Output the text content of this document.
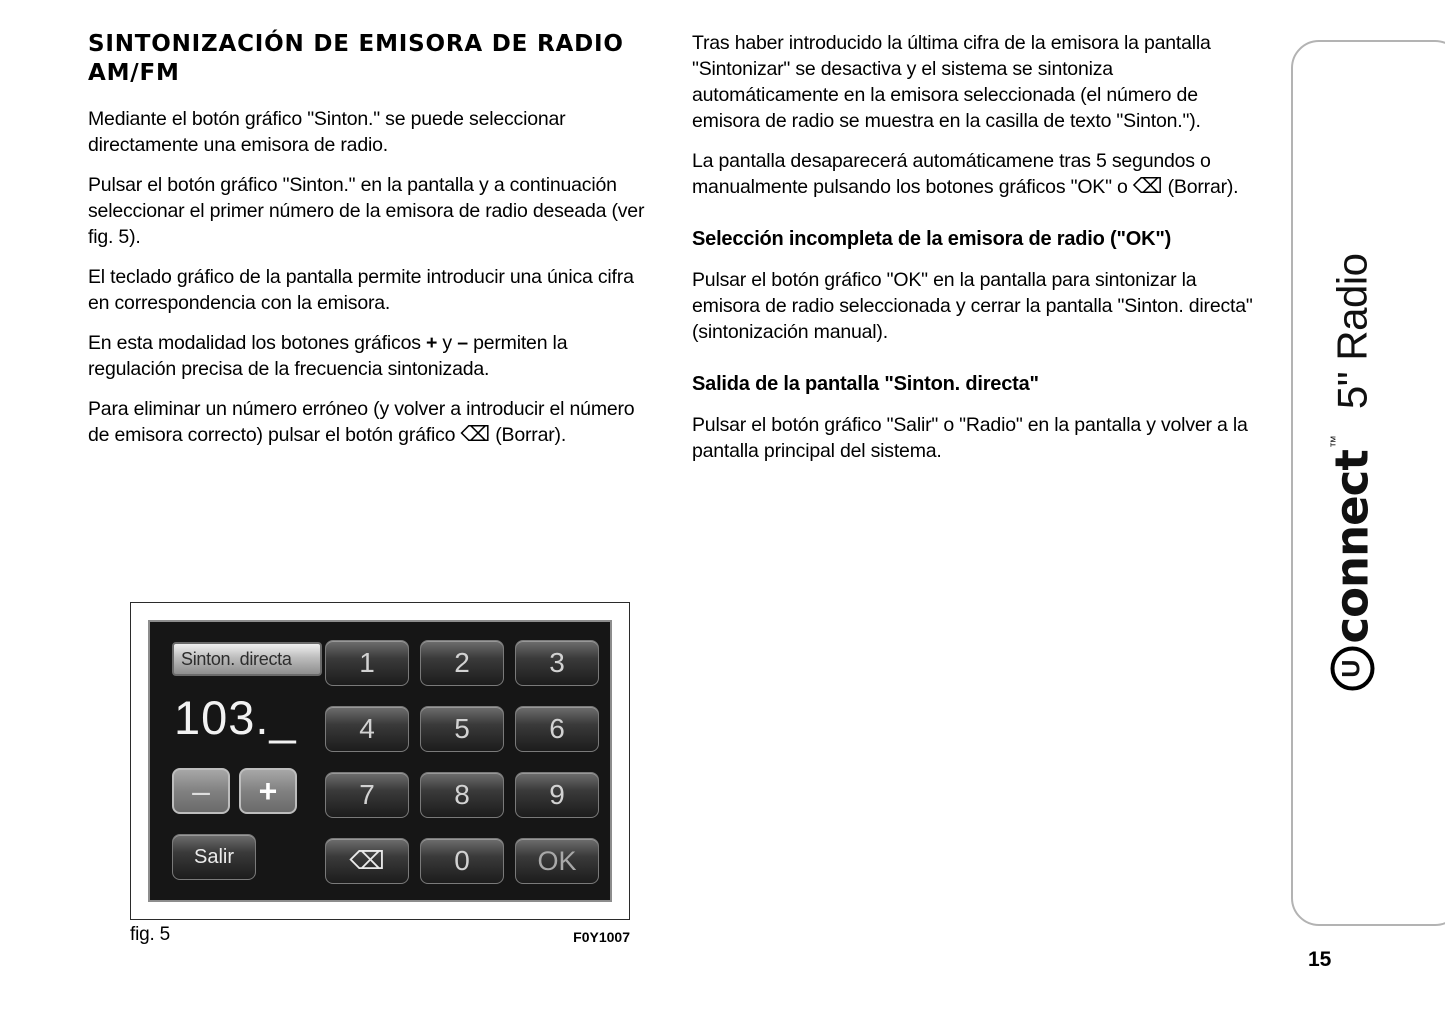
SINTONIZACIÓN DE EMISORA DE RADIO AM/FM

Mediante el botón gráfico "Sinton." se puede seleccionar directamente una emisora de radio.

Pulsar el botón gráfico "Sinton." en la pantalla y a continuación seleccionar el primer número de la emisora de radio deseada (ver fig. 5).

El teclado gráfico de la pantalla permite introducir una única cifra en correspondencia con la emisora.

En esta modalidad los botones gráficos + y – permiten la regulación precisa de la frecuencia sintonizada.

Para eliminar un número erróneo (y volver a introducir el número de emisora correcto) pulsar el botón gráfico ⌫ (Borrar).

Tras haber introducido la última cifra de la emisora la pantalla "Sintonizar" se desactiva y el sistema se sintoniza automáticamente en la emisora seleccionada (el número de emisora de radio se muestra en la casilla de texto "Sinton.").

La pantalla desaparecerá automáticamene tras 5 segundos o manualmente pulsando los botones gráficos "OK" o ⌫ (Borrar).

Selección incompleta de la emisora de radio ("OK")

Pulsar el botón gráfico "OK" en la pantalla para sintonizar la emisora de radio seleccionada y cerrar la pantalla "Sinton. directa" (sintonización manual).

Salida de la pantalla "Sinton. directa"

Pulsar el botón gráfico "Salir" o "Radio" en la pantalla y volver a la pantalla principal del sistema.

Sinton. directa
103._
–	+
Salir
1	2	3
4	5	6
7	8	9
⌫	0	OK
fig. 5	F0Y1007
U
connect
™
5" Radio
15
